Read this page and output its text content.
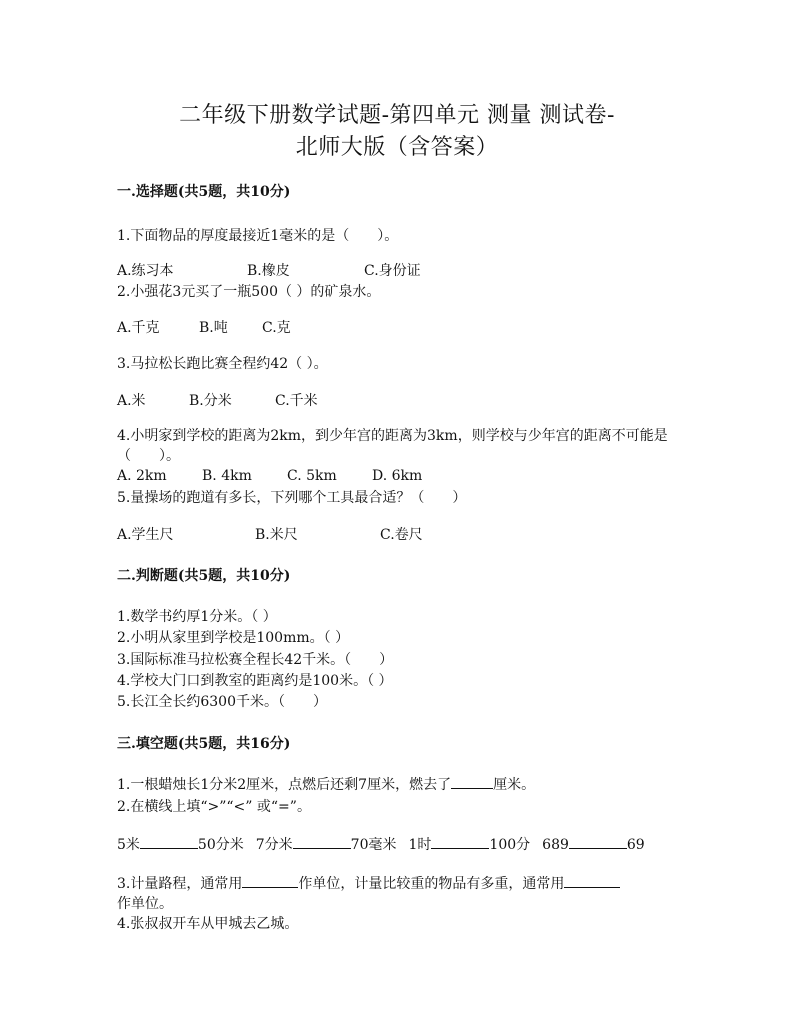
二年级下册数学试题-第四单元 测量 测试卷-
北师大版（含答案）
一.选择题(共5题，共10分)
1.下面物品的厚度最接近1毫米的是（　　）。
A.练习本	B.橡皮	C.身份证
2.小强花3元买了一瓶500（ ）的矿泉水。
A.千克	B.吨 C.克
3.马拉松长跑比赛全程约42（ ）。
A.米	B.分米	C.千米
4.小明家到学校的距离为2km，到少年宫的距离为3km，则学校与少年宫的距离不可能是（　　）。
A. 2km	B. 4km	C. 5km	D. 6km
5.量操场的跑道有多长，下列哪个工具最合适？（　　）
A.学生尺	B.米尺	C.卷尺
二.判断题(共5题，共10分)
1.数学书约厚1分米。（ ）
2.小明从家里到学校是100mm。（ ）
3.国际标准马拉松赛全程长42千米。（　　）
4.学校大门口到教室的距离约是100米。（ ）
5.长江全长约6300千米。（　　）
三.填空题(共5题，共16分)
1.一根蜡烛长1分米2厘米，点燃后还剩7厘米，燃去了	厘米。
2.在横线上填“>”“<” 或“=”。
5米	50分米 7分米	70毫米 1时	100分 689	69
3.计量路程，通常用	作单位，计量比较重的物品有多重，通常用
作单位。
4.张叔叔开车从甲城去乙城。
